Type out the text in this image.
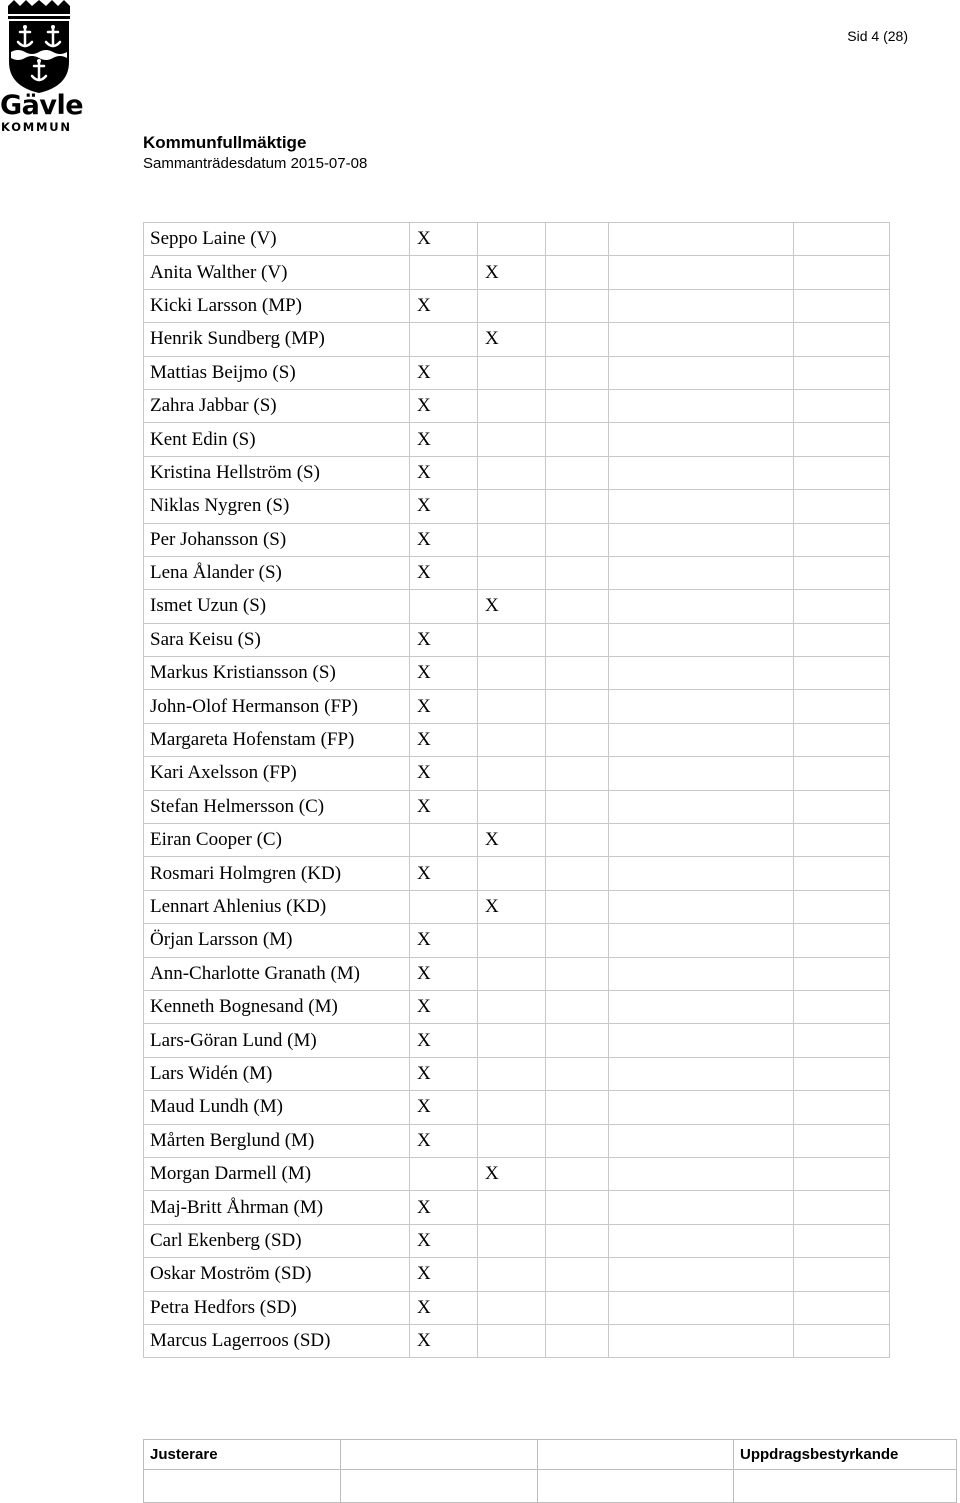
Gävle
KOMMUN
Sid 4 (28)
Kommunfullmäktige
Sammanträdesdatum 2015-07-08
Seppo Laine (V)	X				
Anita Walther (V)		X			
Kicki Larsson (MP)	X				
Henrik Sundberg (MP)		X			
Mattias Beijmo (S)	X				
Zahra Jabbar (S)	X				
Kent Edin (S)	X				
Kristina Hellström (S)	X				
Niklas Nygren (S)	X				
Per Johansson (S)	X				
Lena Ålander (S)	X				
Ismet Uzun (S)		X			
Sara Keisu (S)	X				
Markus Kristiansson (S)	X				
John-Olof Hermanson (FP)	X				
Margareta Hofenstam (FP)	X				
Kari Axelsson (FP)	X				
Stefan Helmersson (C)	X				
Eiran Cooper (C)		X			
Rosmari Holmgren (KD)	X				
Lennart Ahlenius (KD)		X			
Örjan Larsson (M)	X				
Ann-Charlotte Granath (M)	X				
Kenneth Bognesand (M)	X				
Lars-Göran Lund (M)	X				
Lars Widén (M)	X				
Maud Lundh (M)	X				
Mårten Berglund (M)	X				
Morgan Darmell (M)		X			
Maj-Britt Åhrman (M)	X				
Carl Ekenberg (SD)	X				
Oskar Moström (SD)	X				
Petra Hedfors (SD)	X				
Marcus Lagerroos (SD)	X				
Justerare			Uppdragsbestyrkande
